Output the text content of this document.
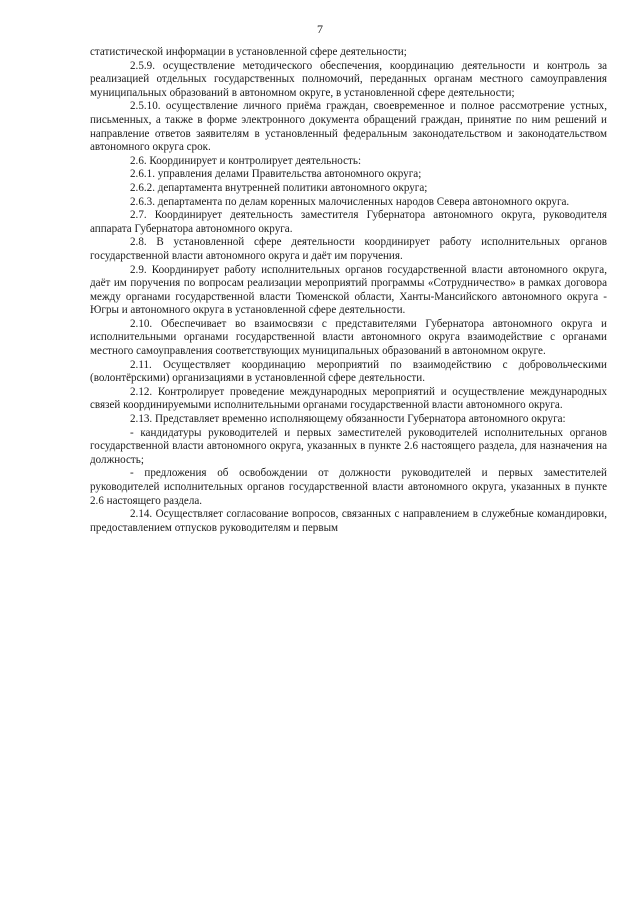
7

статистической информации в установленной сфере деятельности;

2.5.9. осуществление методического обеспечения, координацию деятельности и контроль за реализацией отдельных государственных полномочий, переданных органам местного самоуправления муниципальных образований в автономном округе, в установленной сфере деятельности;

2.5.10. осуществление личного приёма граждан, своевременное и полное рассмотрение устных, письменных, а также в форме электронного документа обращений граждан, принятие по ним решений и направление ответов заявителям в установленный федеральным законодательством и законодательством автономного округа срок.

2.6. Координирует и контролирует деятельность:

2.6.1. управления делами Правительства автономного округа;

2.6.2. департамента внутренней политики автономного округа;

2.6.3. департамента по делам коренных малочисленных народов Севера автономного округа.

2.7. Координирует деятельность заместителя Губернатора автономного округа, руководителя аппарата Губернатора автономного округа.

2.8. В установленной сфере деятельности координирует работу исполнительных органов государственной власти автономного округа и даёт им поручения.

2.9. Координирует работу исполнительных органов государственной власти автономного округа, даёт им поручения по вопросам реализации мероприятий программы «Сотрудничество» в рамках договора между органами государственной власти Тюменской области, Ханты-Мансийского автономного округа - Югры и автономного округа в установленной сфере деятельности.

2.10. Обеспечивает во взаимосвязи с представителями Губернатора автономного округа и исполнительными органами государственной власти автономного округа взаимодействие с органами местного самоуправления соответствующих муниципальных образований в автономном округе.

2.11. Осуществляет координацию мероприятий по взаимодействию с добровольческими (волонтёрскими) организациями в установленной сфере деятельности.

2.12. Контролирует проведение международных мероприятий и осуществление международных связей координируемыми исполнительными органами государственной власти автономного округа.

2.13. Представляет временно исполняющему обязанности Губернатора автономного округа:

- кандидатуры руководителей и первых заместителей руководителей исполнительных органов государственной власти автономного округа, указанных в пункте 2.6 настоящего раздела, для назначения на должность;

- предложения об освобождении от должности руководителей и первых заместителей руководителей исполнительных органов государственной власти автономного округа, указанных в пункте 2.6 настоящего раздела.

2.14. Осуществляет согласование вопросов, связанных с направлением в служебные командировки, предоставлением отпусков руководителям и первым
